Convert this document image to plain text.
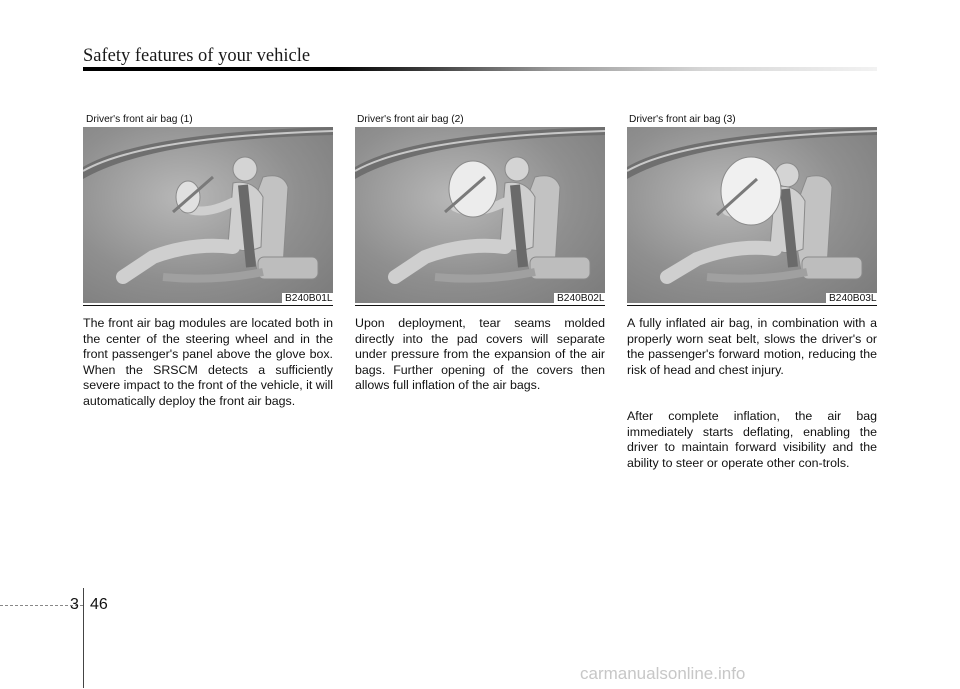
Safety features of your vehicle
Driver's front air bag (1)
B240B01L
Driver's front air bag (2)
B240B02L
Driver's front air bag (3)
B240B03L

The front air bag modules are located both in the center of the steering wheel and in the front passenger's panel above the glove box. When the SRSCM detects a sufficiently severe impact to the front of the vehicle, it will automatically deploy the front air bags.

Upon deployment, tear seams molded directly into the pad covers will separate under pressure from the expansion of the air bags. Further opening of the covers then allows full inflation of the air bags.

A fully inflated air bag, in combination with a properly worn seat belt, slows the driver's or the passenger's forward motion, reducing the risk of head and chest injury.

After complete inflation, the air bag immediately starts deflating, enabling the driver to maintain forward visibility and the ability to steer or operate other con-trols.

3 46
carmanualsonline.info
